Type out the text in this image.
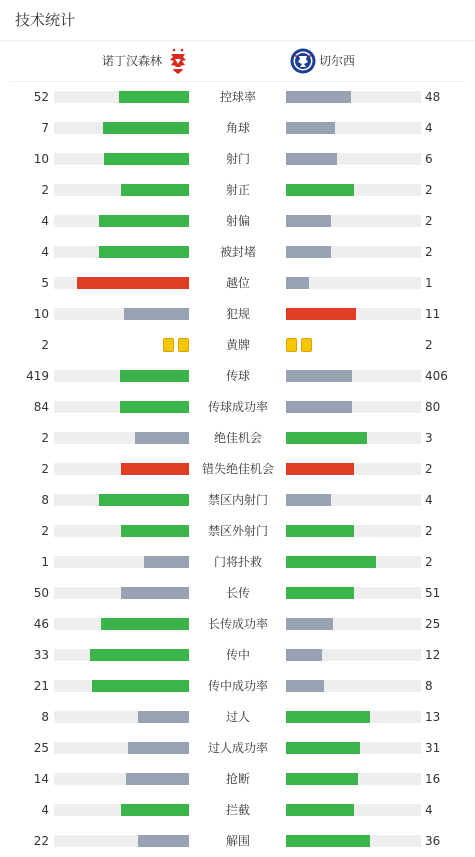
技术统计
诺丁汉森林	切尔西
52	控球率	48
7	角球	4
10	射门	6
2	射正	2
4	射偏	2
4	被封堵	2
5	越位	1
10	犯规	11
2	黄牌	2
419	传球	406
84	传球成功率	80
2	绝佳机会	3
2	错失绝佳机会	2
8	禁区内射门	4
2	禁区外射门	2
1	门将扑救	2
50	长传	51
46	长传成功率	25
33	传中	12
21	传中成功率	8
8	过人	13
25	过人成功率	31
14	抢断	16
4	拦截	4
22	解围	36
